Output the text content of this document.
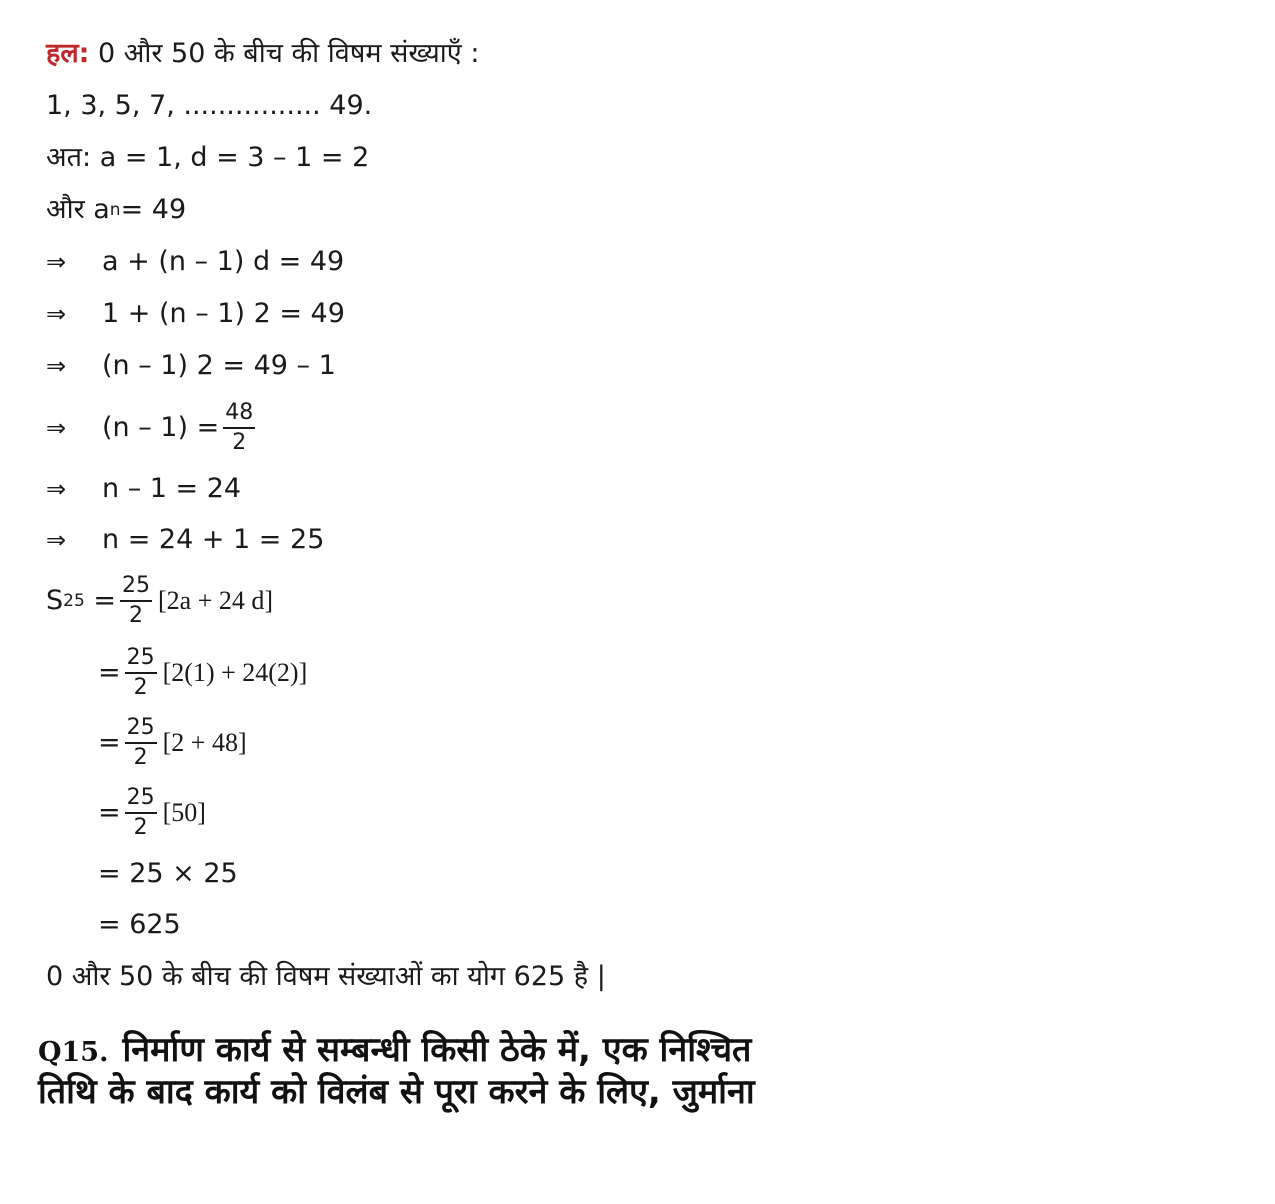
हल:
0 और 50 के बीच की विषम संख्याएँ :
1, 3, 5, 7, ................ 49.
अत: a = 1, d = 3 – 1 = 2
और a n = 49
⇒	a + (n – 1) d = 49
⇒	1 + (n – 1) 2 = 49
⇒	(n – 1) 2 = 49 – 1
⇒	$(n - 1) = \frac{48}{2}$
⇒	n – 1 = 24
⇒	n = 24 + 1 = 25
S 25
= $\frac{25}{2} [2a + 24$ d]
= $\frac{25}{2} [2(1) + 24(2)]$
= $\frac{25}{2} [2 + 48]$
= $\frac{25}{2} [50]$
= 25 × 25
= 625
0 और 50 के बीच की विषम संख्याओं का योग 625 है |
Q15. निर्माण कार्य से सम्बन्धी किसी ठेके में, एक निश्चित
तिथि के बाद कार्य को विलंब से पूरा करने के लिए, जुर्माना
